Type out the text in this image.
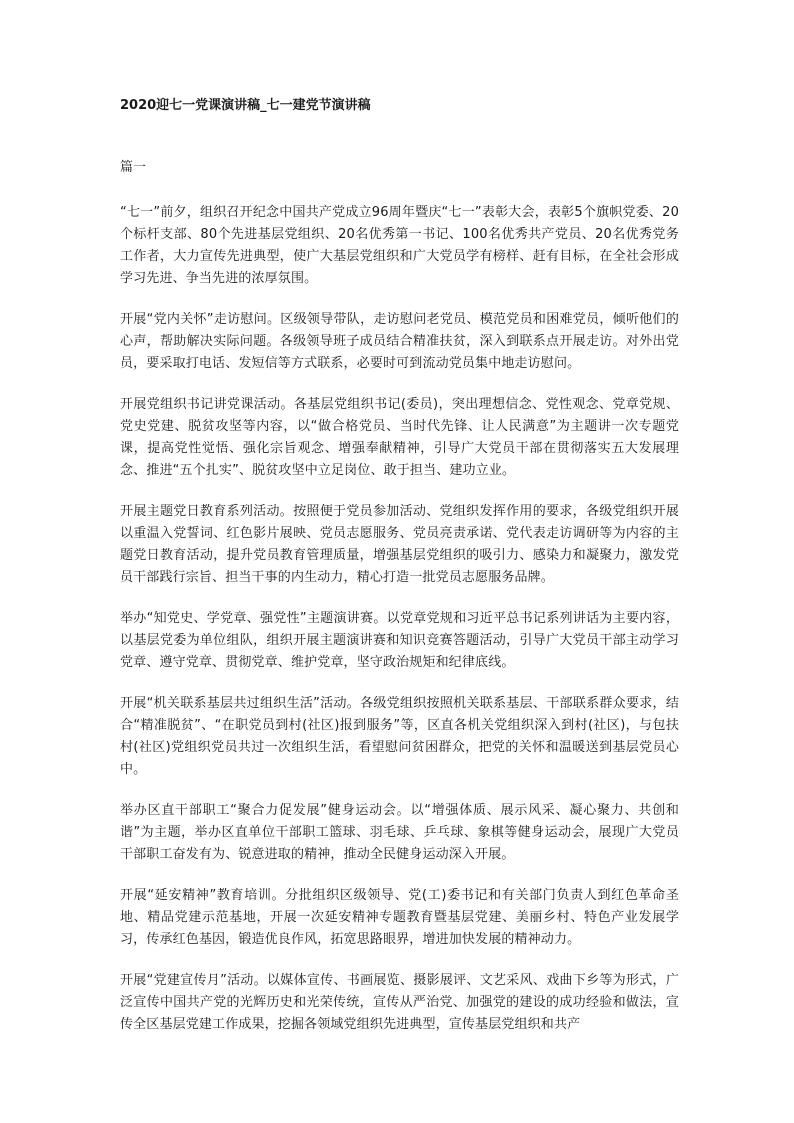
2020迎七一党课演讲稿_七一建党节演讲稿

篇一

“七一”前夕，组织召开纪念中国共产党成立96周年暨庆“七一”表彰大会，表彰5个旗帜党委、20个标杆支部、80个先进基层党组织、20名优秀第一书记、100名优秀共产党员、20名优秀党务工作者，大力宣传先进典型，使广大基层党组织和广大党员学有榜样、赶有目标，在全社会形成学习先进、争当先进的浓厚氛围。

开展“党内关怀”走访慰问。区级领导带队，走访慰问老党员、模范党员和困难党员，倾听他们的心声，帮助解决实际问题。各级领导班子成员结合精准扶贫，深入到联系点开展走访。对外出党员，要采取打电话、发短信等方式联系，必要时可到流动党员集中地走访慰问。

开展党组织书记讲党课活动。各基层党组织书记(委员)，突出理想信念、党性观念、党章党规、党史党建、脱贫攻坚等内容，以“做合格党员、当时代先锋、让人民满意”为主题讲一次专题党课，提高党性觉悟、强化宗旨观念、增强奉献精神，引导广大党员干部在贯彻落实五大发展理念、推进“五个扎实”、脱贫攻坚中立足岗位、敢于担当、建功立业。

开展主题党日教育系列活动。按照便于党员参加活动、党组织发挥作用的要求，各级党组织开展以重温入党誓词、红色影片展映、党员志愿服务、党员亮责承诺、党代表走访调研等为内容的主题党日教育活动，提升党员教育管理质量，增强基层党组织的吸引力、感染力和凝聚力，激发党员干部践行宗旨、担当干事的内生动力，精心打造一批党员志愿服务品牌。

举办“知党史、学党章、强党性”主题演讲赛。以党章党规和习近平总书记系列讲话为主要内容，以基层党委为单位组队，组织开展主题演讲赛和知识竞赛答题活动，引导广大党员干部主动学习党章、遵守党章、贯彻党章、维护党章，坚守政治规矩和纪律底线。

开展“机关联系基层共过组织生活”活动。各级党组织按照机关联系基层、干部联系群众要求，结合“精准脱贫”、“在职党员到村(社区)报到服务”等，区直各机关党组织深入到村(社区)，与包扶村(社区)党组织党员共过一次组织生活，看望慰问贫困群众，把党的关怀和温暖送到基层党员心中。

举办区直干部职工“聚合力促发展”健身运动会。以“增强体质、展示风采、凝心聚力、共创和谐”为主题，举办区直单位干部职工篮球、羽毛球、乒乓球、象棋等健身运动会，展现广大党员干部职工奋发有为、锐意进取的精神，推动全民健身运动深入开展。

开展“延安精神”教育培训。分批组织区级领导、党(工)委书记和有关部门负责人到红色革命圣地、精品党建示范基地，开展一次延安精神专题教育暨基层党建、美丽乡村、特色产业发展学习，传承红色基因，锻造优良作风，拓宽思路眼界，增进加快发展的精神动力。

开展“党建宣传月”活动。以媒体宣传、书画展览、摄影展评、文艺采风、戏曲下乡等为形式，广泛宣传中国共产党的光辉历史和光荣传统，宣传从严治党、加强党的建设的成功经验和做法，宣传全区基层党建工作成果，挖掘各领域党组织先进典型，宣传基层党组织和共产
